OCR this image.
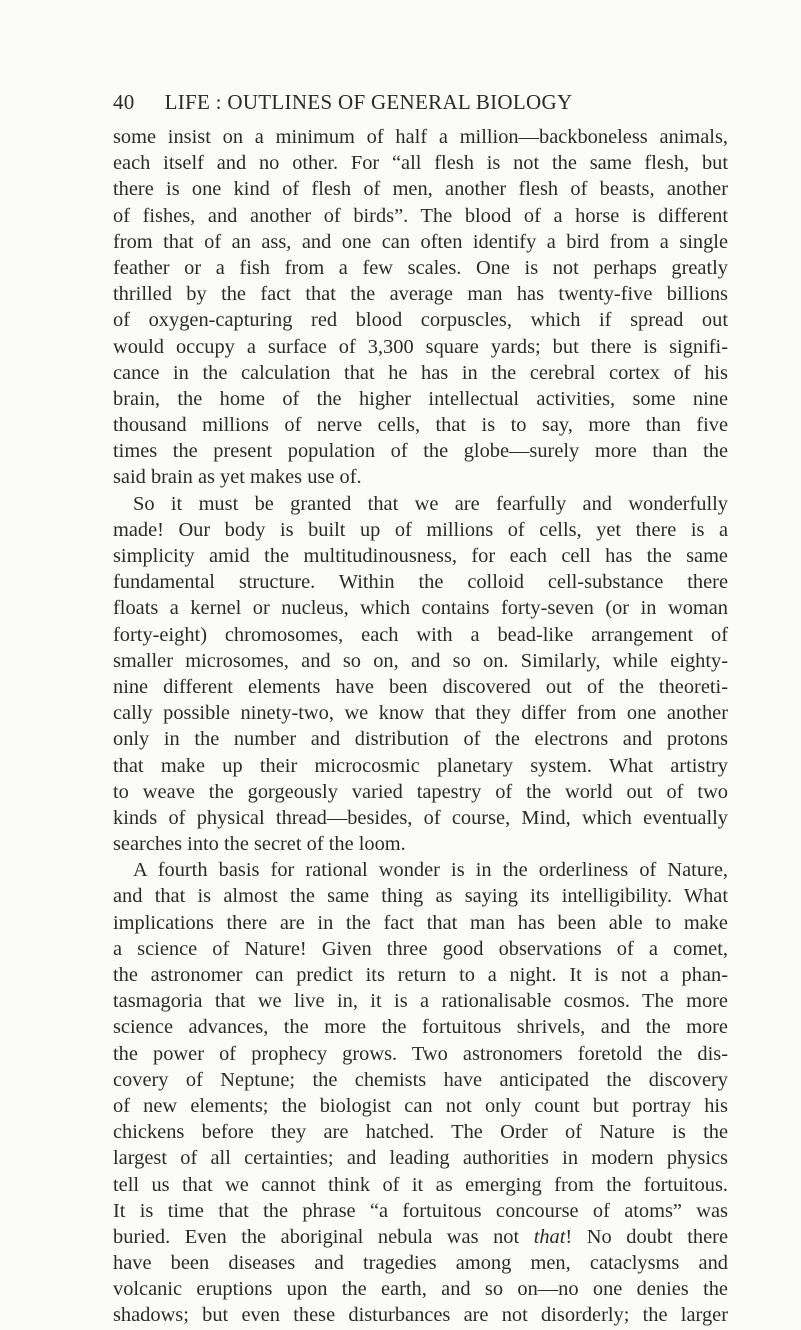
40 LIFE : OUTLINES OF GENERAL BIOLOGY
some insist on a minimum of half a million—backboneless animals,
each itself and no other. For “all flesh is not the same flesh, but
there is one kind of flesh of men, another flesh of beasts, another
of fishes, and another of birds”. The blood of a horse is different
from that of an ass, and one can often identify a bird from a single
feather or a fish from a few scales. One is not perhaps greatly
thrilled by the fact that the average man has twenty-five billions
of oxygen-capturing red blood corpuscles, which if spread out
would occupy a surface of 3,300 square yards; but there is signifi-
cance in the calculation that he has in the cerebral cortex of his
brain, the home of the higher intellectual activities, some nine
thousand millions of nerve cells, that is to say, more than five
times the present population of the globe—surely more than the
said brain as yet makes use of.
So it must be granted that we are fearfully and wonderfully
made! Our body is built up of millions of cells, yet there is a
simplicity amid the multitudinousness, for each cell has the same
fundamental structure. Within the colloid cell-substance there
floats a kernel or nucleus, which contains forty-seven (or in woman
forty-eight) chromosomes, each with a bead-like arrangement of
smaller microsomes, and so on, and so on. Similarly, while eighty-
nine different elements have been discovered out of the theoreti-
cally possible ninety-two, we know that they differ from one another
only in the number and distribution of the electrons and protons
that make up their microcosmic planetary system. What artistry
to weave the gorgeously varied tapestry of the world out of two
kinds of physical thread—besides, of course, Mind, which eventually
searches into the secret of the loom.
A fourth basis for rational wonder is in the orderliness of Nature,
and that is almost the same thing as saying its intelligibility. What
implications there are in the fact that man has been able to make
a science of Nature! Given three good observations of a comet,
the astronomer can predict its return to a night. It is not a phan-
tasmagoria that we live in, it is a rationalisable cosmos. The more
science advances, the more the fortuitous shrivels, and the more
the power of prophecy grows. Two astronomers foretold the dis-
covery of Neptune; the chemists have anticipated the discovery
of new elements; the biologist can not only count but portray his
chickens before they are hatched. The Order of Nature is the
largest of all certainties; and leading authorities in modern physics
tell us that we cannot think of it as emerging from the fortuitous.
It is time that the phrase “a fortuitous concourse of atoms” was
buried. Even the aboriginal nebula was not that! No doubt there
have been diseases and tragedies among men, cataclysms and
volcanic eruptions upon the earth, and so on—no one denies the
shadows; but even these disturbances are not disorderly; the larger
